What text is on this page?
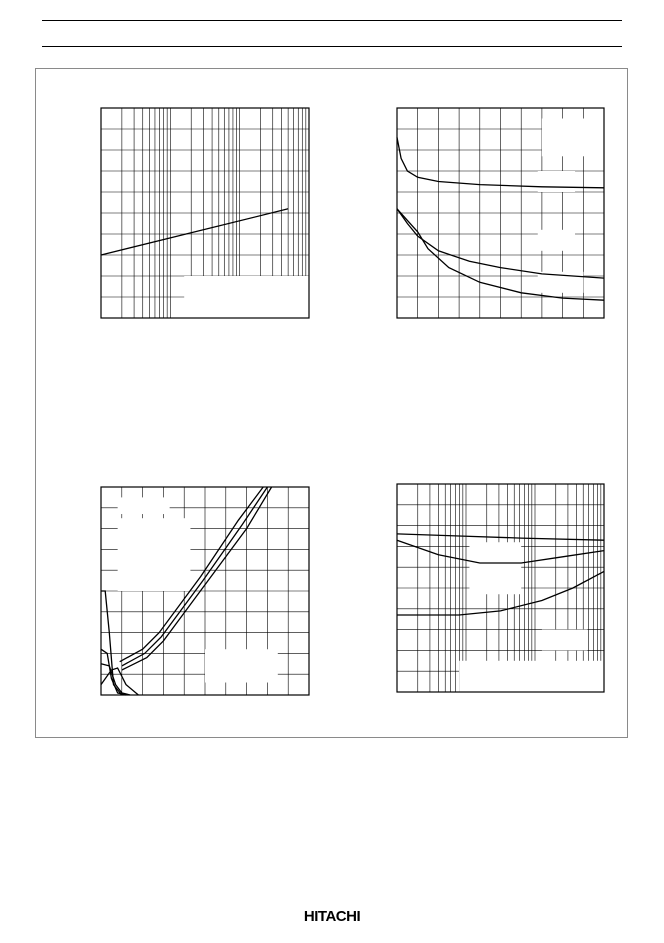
HITACHI
